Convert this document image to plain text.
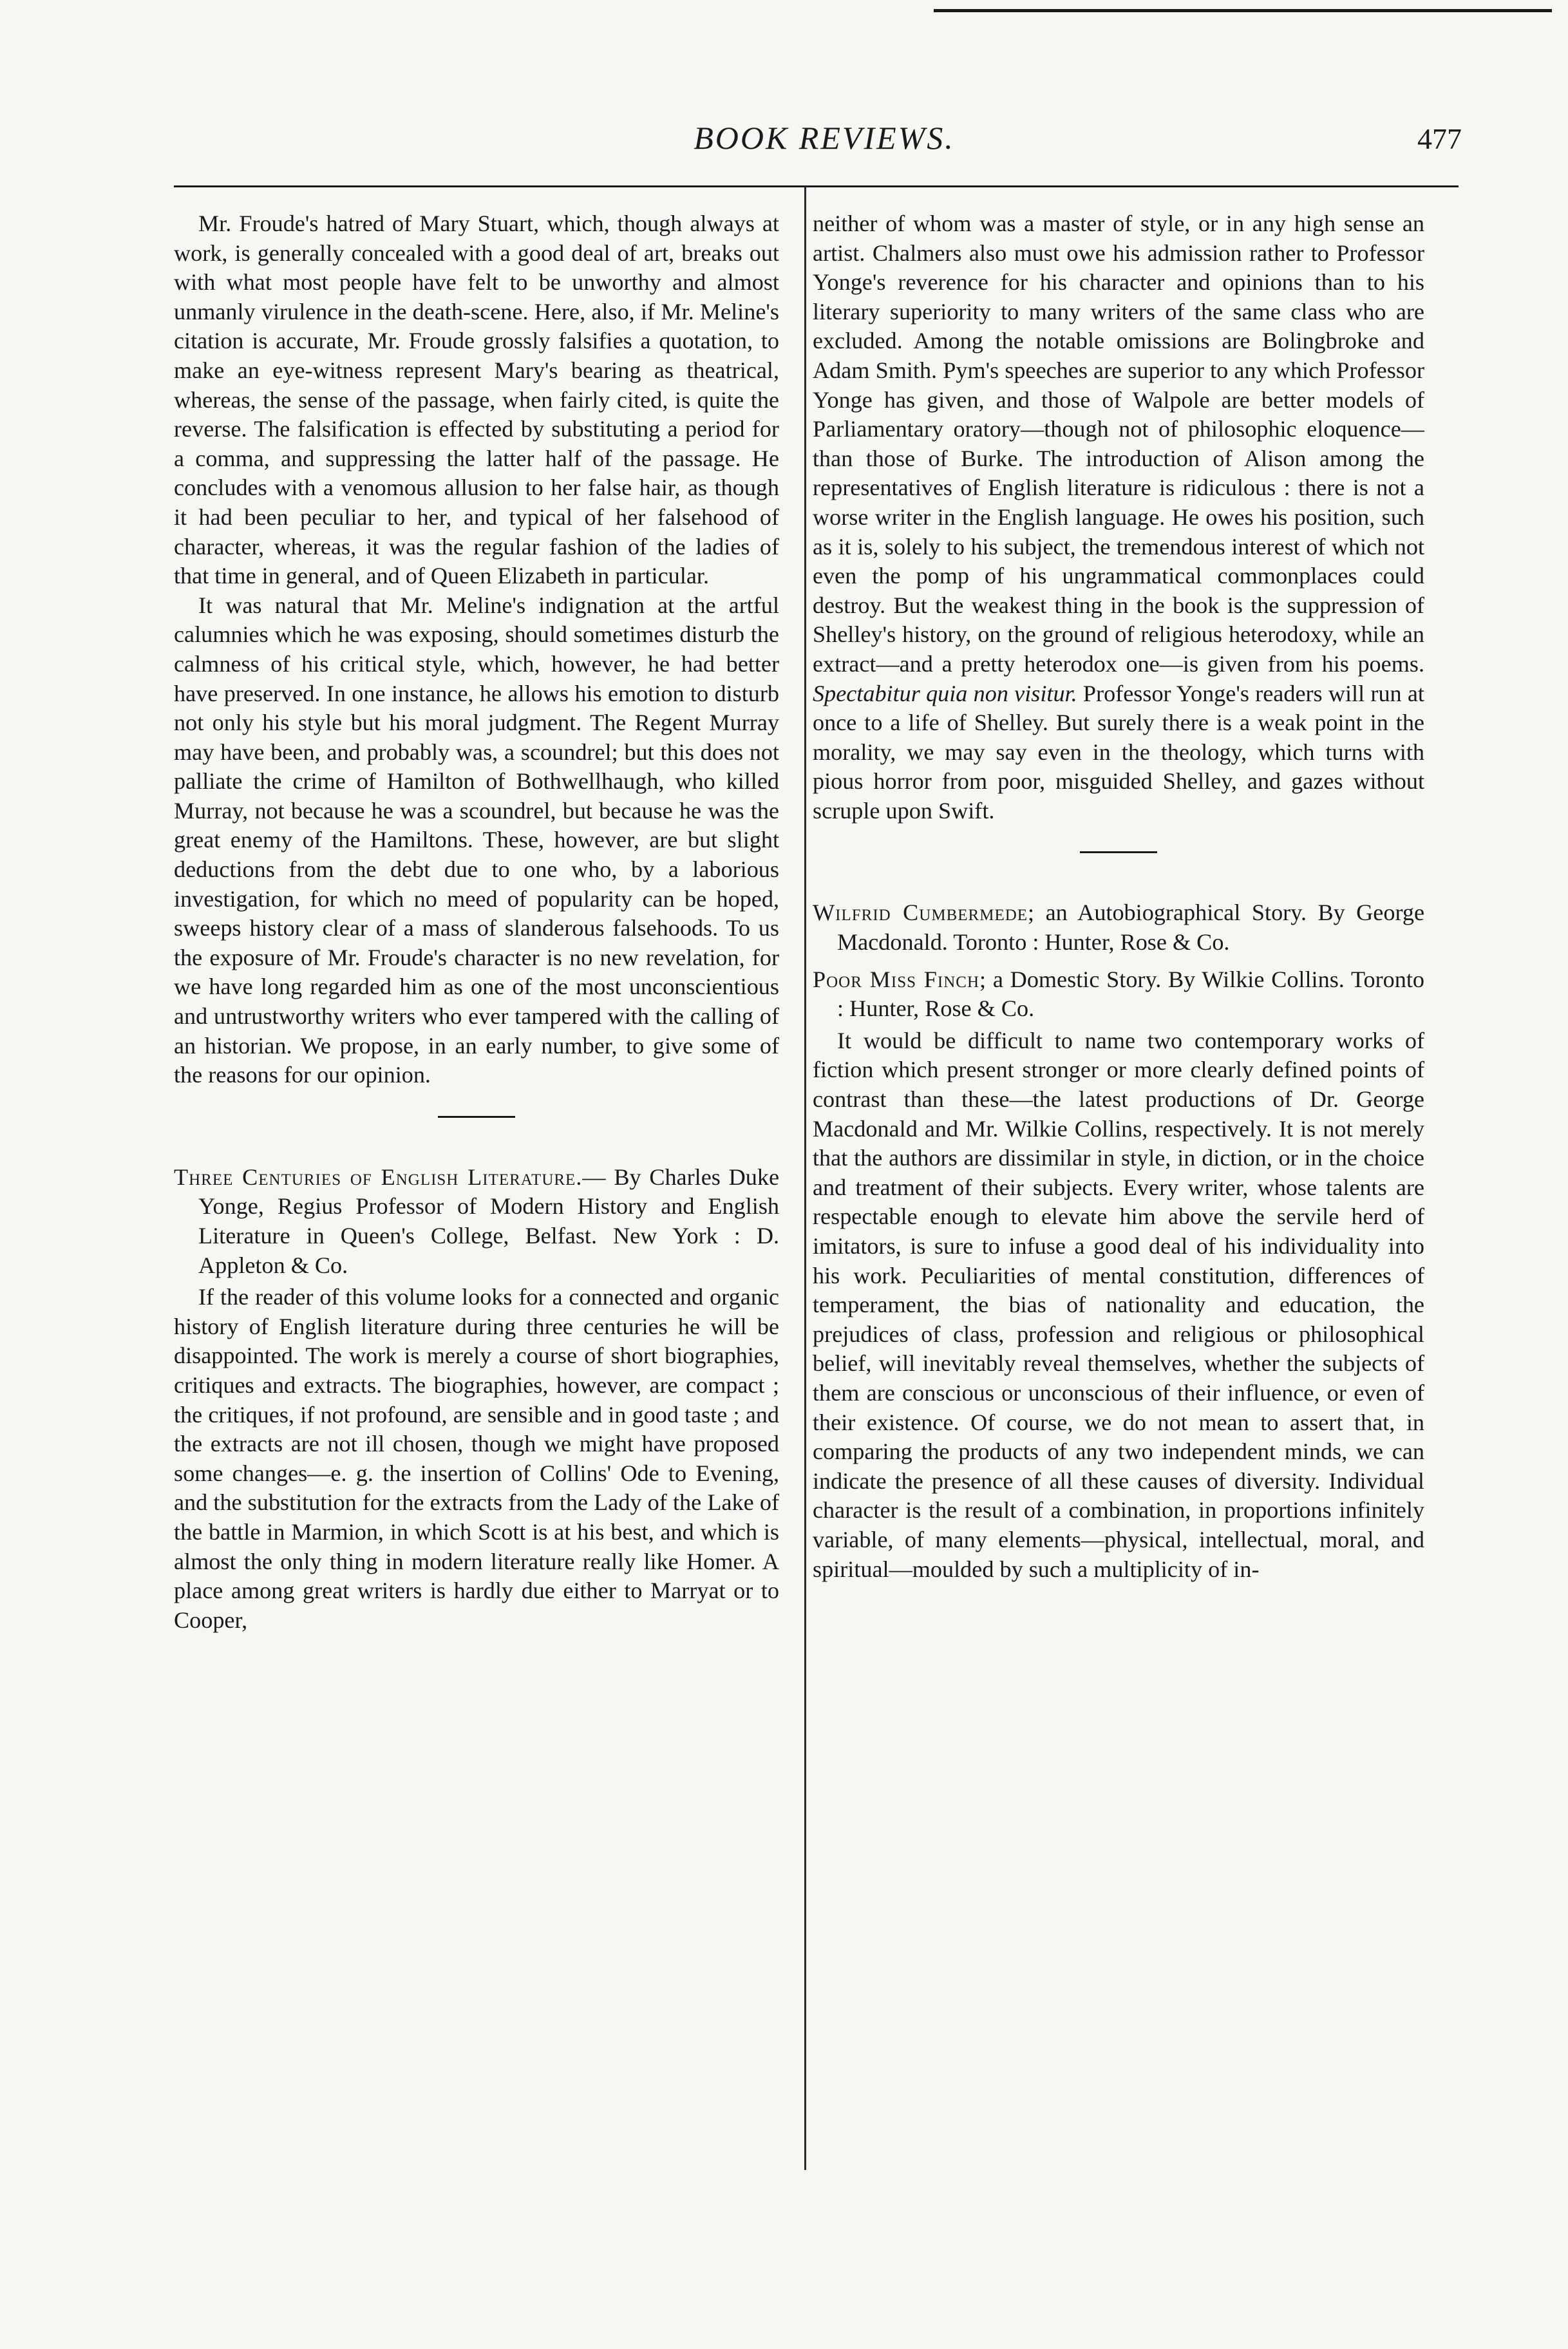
BOOK REVIEWS.	477

Mr. Froude's hatred of Mary Stuart, which, though always at work, is generally concealed with a good deal of art, breaks out with what most people have felt to be unworthy and almost unmanly virulence in the death-scene. Here, also, if Mr. Meline's citation is accurate, Mr. Froude grossly falsifies a quotation, to make an eye-witness represent Mary's bearing as theatrical, whereas, the sense of the passage, when fairly cited, is quite the reverse. The falsification is effected by substituting a period for a comma, and suppressing the latter half of the passage. He concludes with a venomous allusion to her false hair, as though it had been peculiar to her, and typical of her falsehood of character, whereas, it was the regular fashion of the ladies of that time in general, and of Queen Elizabeth in particular.

It was natural that Mr. Meline's indignation at the artful calumnies which he was exposing, should sometimes disturb the calmness of his critical style, which, however, he had better have preserved. In one instance, he allows his emotion to disturb not only his style but his moral judgment. The Regent Murray may have been, and probably was, a scoundrel; but this does not palliate the crime of Hamilton of Bothwellhaugh, who killed Murray, not because he was a scoundrel, but because he was the great enemy of the Hamiltons. These, however, are but slight deductions from the debt due to one who, by a laborious investigation, for which no meed of popularity can be hoped, sweeps history clear of a mass of slanderous falsehoods. To us the exposure of Mr. Froude's character is no new revelation, for we have long regarded him as one of the most unconscientious and untrustworthy writers who ever tampered with the calling of an historian. We propose, in an early number, to give some of the reasons for our opinion.

Three Centuries of English Literature.— By Charles Duke Yonge, Regius Professor of Modern History and English Literature in Queen's College, Belfast. New York : D. Appleton & Co.

If the reader of this volume looks for a connected and organic history of English literature during three centuries he will be disappointed. The work is merely a course of short biographies, critiques and extracts. The biographies, however, are compact ; the critiques, if not profound, are sensible and in good taste ; and the extracts are not ill chosen, though we might have proposed some changes—e. g. the insertion of Collins' Ode to Evening, and the substitution for the extracts from the Lady of the Lake of the battle in Marmion, in which Scott is at his best, and which is almost the only thing in modern literature really like Homer. A place among great writers is hardly due either to Marryat or to Cooper,

neither of whom was a master of style, or in any high sense an artist. Chalmers also must owe his admission rather to Professor Yonge's reverence for his character and opinions than to his literary superiority to many writers of the same class who are excluded. Among the notable omissions are Bolingbroke and Adam Smith. Pym's speeches are superior to any which Professor Yonge has given, and those of Walpole are better models of Parliamentary oratory—though not of philosophic eloquence—than those of Burke. The introduction of Alison among the representatives of English literature is ridiculous : there is not a worse writer in the English language. He owes his position, such as it is, solely to his subject, the tremendous interest of which not even the pomp of his ungrammatical commonplaces could destroy. But the weakest thing in the book is the suppression of Shelley's history, on the ground of religious heterodoxy, while an extract—and a pretty heterodox one—is given from his poems. Spectabitur quia non visitur. Professor Yonge's readers will run at once to a life of Shelley. But surely there is a weak point in the morality, we may say even in the theology, which turns with pious horror from poor, misguided Shelley, and gazes without scruple upon Swift.

Wilfrid Cumbermede; an Autobiographical Story. By George Macdonald. Toronto : Hunter, Rose & Co.

Poor Miss Finch; a Domestic Story. By Wilkie Collins. Toronto : Hunter, Rose & Co.

It would be difficult to name two contemporary works of fiction which present stronger or more clearly defined points of contrast than these—the latest productions of Dr. George Macdonald and Mr. Wilkie Collins, respectively. It is not merely that the authors are dissimilar in style, in diction, or in the choice and treatment of their subjects. Every writer, whose talents are respectable enough to elevate him above the servile herd of imitators, is sure to infuse a good deal of his individuality into his work. Peculiarities of mental constitution, differences of temperament, the bias of nationality and education, the prejudices of class, profession and religious or philosophical belief, will inevitably reveal themselves, whether the subjects of them are conscious or unconscious of their influence, or even of their existence. Of course, we do not mean to assert that, in comparing the products of any two independent minds, we can indicate the presence of all these causes of diversity. Individual character is the result of a combination, in proportions infinitely variable, of many elements—physical, intellectual, moral, and spiritual—moulded by such a multiplicity of in-
